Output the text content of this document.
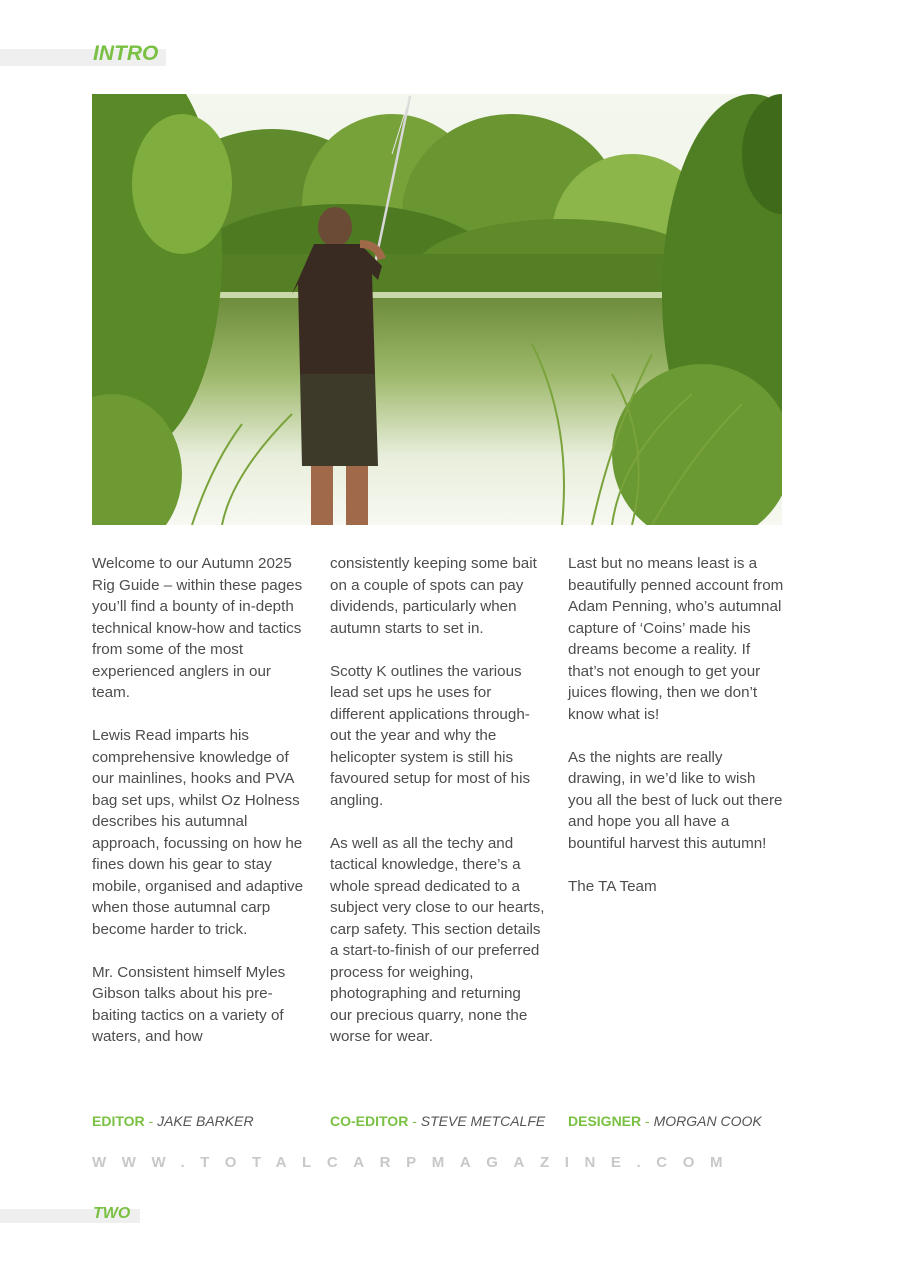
INTRO

Welcome to our Autumn 2025 Rig Guide – within these pages you’ll find a bounty of in-depth technical know-how and tactics from some of the most experienced anglers in our team.

Lewis Read imparts his comprehensive knowledge of our mainlines, hooks and PVA bag set ups, whilst Oz Holness describes his autumnal approach, focussing on how he fines down his gear to stay mobile, organised and adaptive when those autumnal carp become harder to trick.

Mr. Consistent himself Myles Gibson talks about his pre-baiting tactics on a variety of waters, and how

consistently keeping some bait on a couple of spots can pay dividends, particularly when autumn starts to set in.

Scotty K outlines the various lead set ups he uses for different applications through-out the year and why the helicopter system is still his favoured setup for most of his angling.

As well as all the techy and tactical knowledge, there’s a whole spread dedicated to a subject very close to our hearts, carp safety. This section details a start-to-finish of our preferred process for weighing, photographing and returning our precious quarry, none the worse for wear.

Last but no means least is a beautifully penned account from Adam Penning, who’s autumnal capture of ‘Coins’ made his dreams become a reality. If that’s not enough to get your juices flowing, then we don’t know what is!

As the nights are really drawing, in we’d like to wish you all the best of luck out there and hope you all have a bountiful harvest this autumn!

The TA Team

EDITOR - JAKE BARKER	CO-EDITOR - STEVE METCALFE DESIGNER - MORGAN COOK
WWW.TOTALCARPMAGAZINE.COM
TWO
